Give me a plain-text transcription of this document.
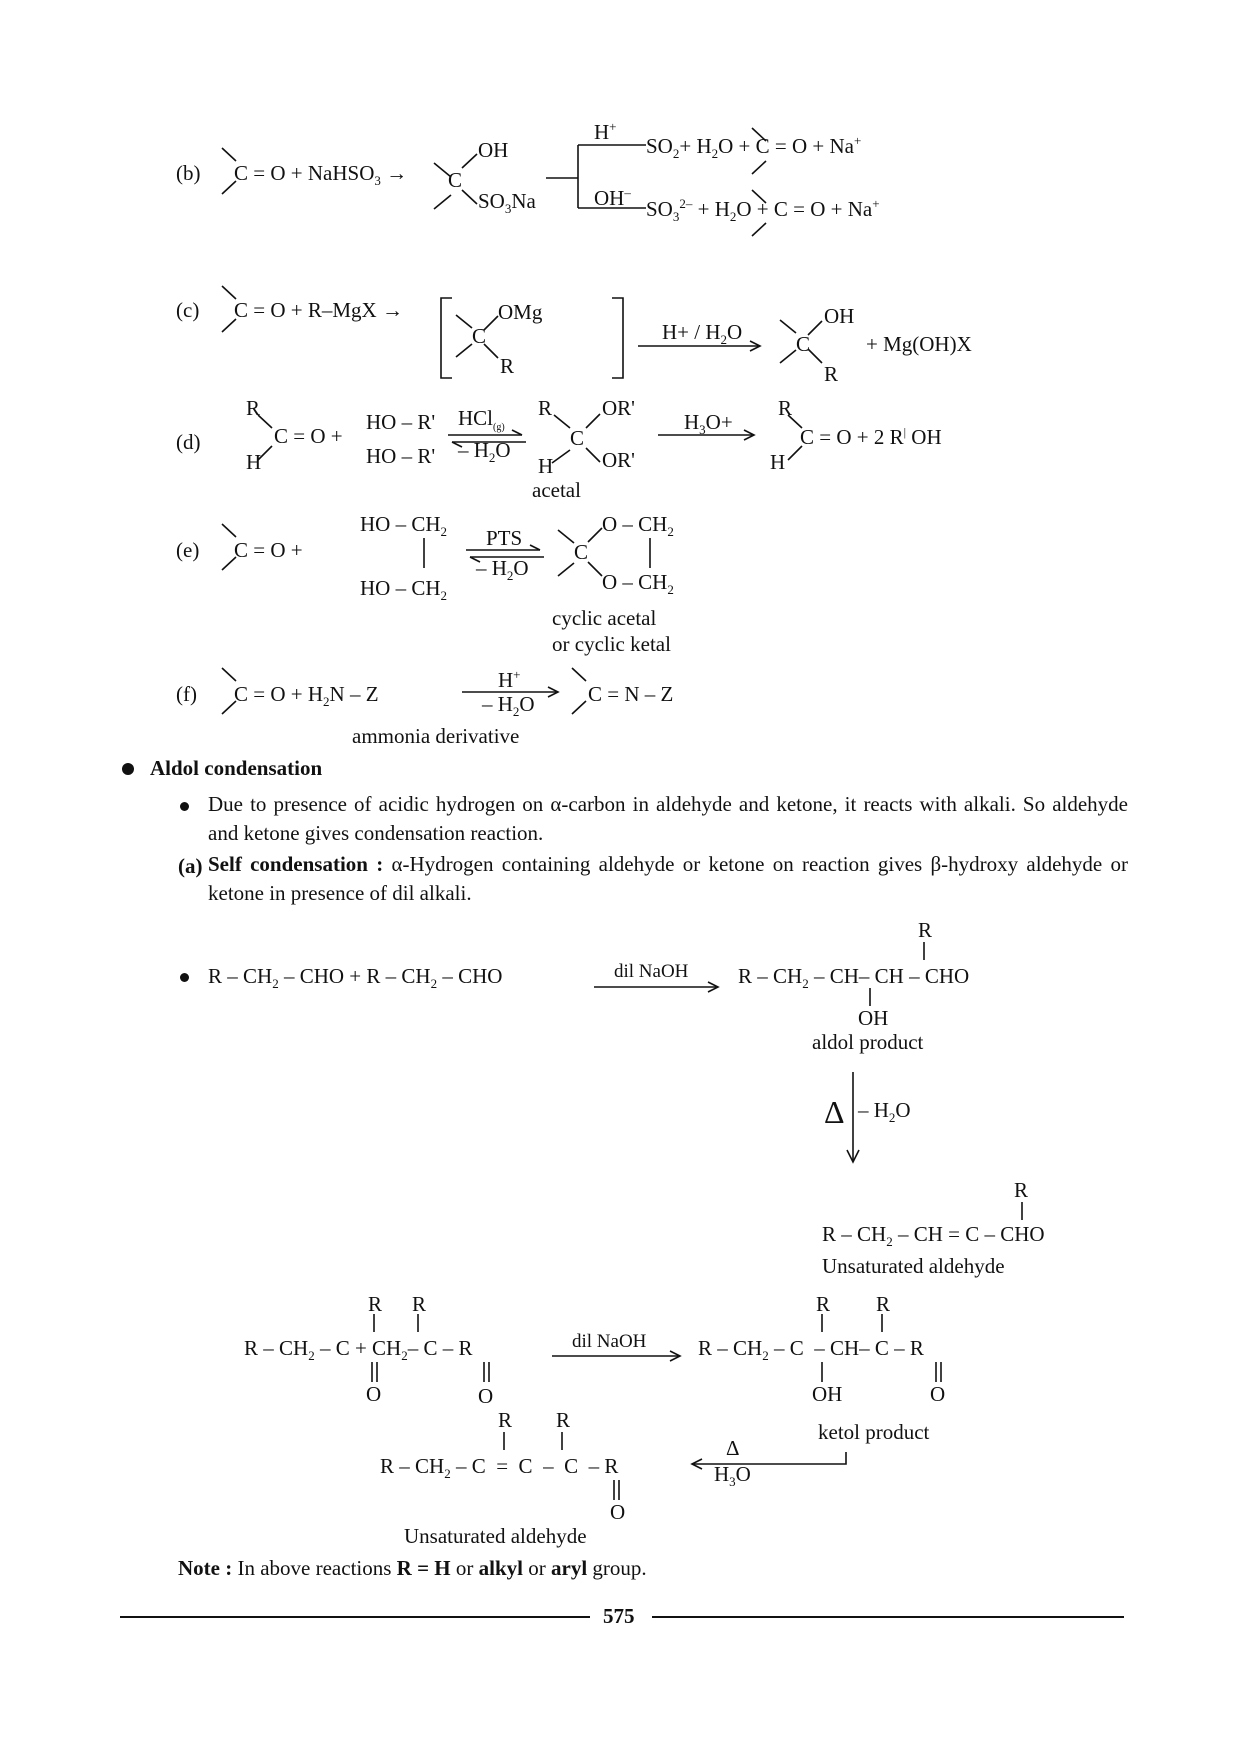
(b) C = O + NaHSO$_3$ → C
OH
$SO_3Na$
H+
$SO_2+ H_2O + C = O + Na^+$
OH–
$SO_3^{2-} + H_2O + C = O + Na^+$
(c) C = O + R–MgX →	OMg
C
R
$H+ / H_2O$
OH
C
R
+ Mg(OH)X
(d)
R
H
C = O +
HO – R'
HO – R'
HCl$_{(g)}$
– $H_2O$
R OR'
C
H OR'
acetal
$H_3O+$
R
H
C = O + 2 R| OH
(e) C = O +
HO – $CH_2$
HO – $CH_2$
PTS
– $H_2O$
O – $CH_2$
C
O – $CH_2$
cyclic acetal
or cyclic ketal
(f) $C = O + H_2N - Z$
H+
– $H_2O$	C = N – Z
ammonia derivative
Aldol condensation
Due to presence of acidic hydrogen on α-carbon in aldehyde and ketone, it reacts with alkali. So aldehyde and ketone gives condensation reaction.
(a) Self condensation : α-Hydrogen containing aldehyde or ketone on reaction gives β-hydroxy aldehyde or ketone in presence of dil alkali.
R – $CH_2$ – CHO + R – $CH_2$ – CHO	dil NaOH
R
R – $CH_2 - CH-$ CH – CHO
OH
aldol product
Δ – $H_2O$
R
R – $CH_2$ – CH = C – CHO
Unsaturated aldehyde
R R
$R - CH_2 - C + CH_2-$ C – R
O	O
dil NaOH
R R
R – $CH_2$ – C – CH– C – R
OH	O
ketol product
R R
$R - CH_2 - C = C - C - R$
O
Δ
$H_3O$
Unsaturated aldehyde
Note : In above reactions R = H or alkyl or aryl group.
575
